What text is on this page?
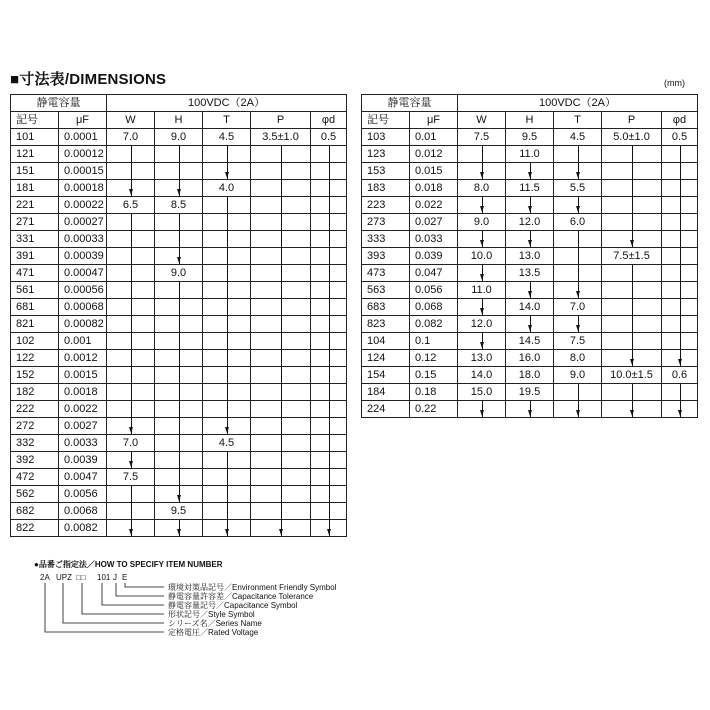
■寸法表/DIMENSIONS	(mm)
静電容量		100VDC（2A）				
記号	μF	W	H	T	P	φd
101	0.0001	7.0	9.0	4.5	3.5±1.0	0.5
121	0.00012	

151	0.00015	

181	0.00018			4.0	

221	0.00022	6.5	8.5	

271	0.00027	

331	0.00033	

391	0.00039	

471	0.00047		9.0	

561	0.00056	

681	0.00068	

821	0.00082	

102	0.001	

122	0.0012	

152	0.0015	

182	0.0018	

222	0.0022	

272	0.0027	

332	0.0033	7.0		4.5	

392	0.0039	

472	0.0047	7.5	

562	0.0056	

682	0.0068		9.5	

822	0.0082	

静電容量		100VDC（2A）				
記号	μF	W	H	T	P	φd
103	0.01	7.5	9.5	4.5	5.0±1.0	0.5
123	0.012		11.0	

153	0.015	

183	0.018	8.0	11.5	5.5	

223	0.022	

273	0.027	9.0	12.0	6.0	

333	0.033	

393	0.039	10.0	13.0		7.5±1.5	

473	0.047		13.5	

563	0.056	11.0	

683	0.068		14.0	7.0	

823	0.082	12.0	

104	0.1		14.5	7.5	

124	0.12	13.0	16.0	8.0	

154	0.15	14.0	18.0	9.0	10.0±1.5	0.6
184	0.18	15.0	19.5	

224	0.22	

●品番ご指定法／HOW TO SPECIFY ITEM NUMBER
2A UPZ □□ 101 J E
環境対策品記号／Environment Friendly Symbol
静電容量許容差／Capacitance Tolerance
静電容量記号／Capacitance Symbol
形状記号／Style Symbol
シリーズ名／Series Name
定格電圧／Rated Voltage
